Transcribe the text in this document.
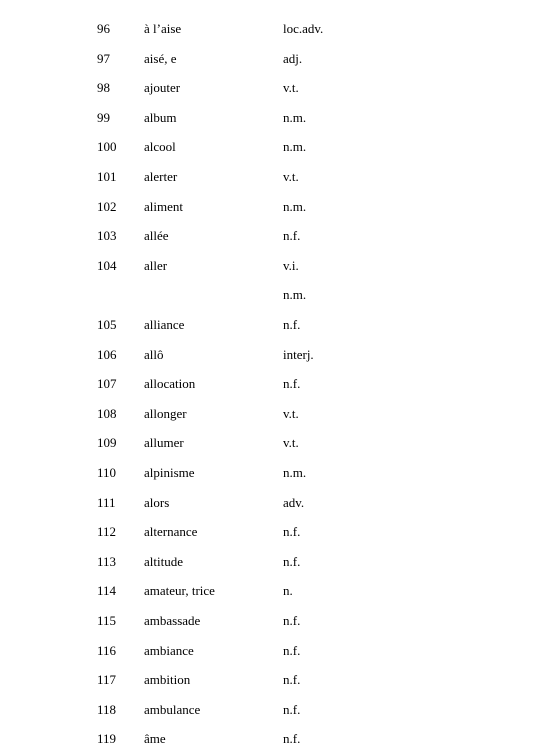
96	à l’aise	loc.adv.
97	aisé, e	adj.
98	ajouter	v.t.
99	album	n.m.
100 alcool	n.m.
101 alerter	v.t.
102 aliment	n.m.
103 allée	n.f.
104 aller	v.i.
n.m.
105 alliance	n.f.
106 allô	interj.
107 allocation	n.f.
108 allonger	v.t.
109 allumer	v.t.
110 alpinisme	n.m.
111 alors	adv.
112 alternance	n.f.
113 altitude	n.f.
114 amateur, trice	n.
115 ambassade	n.f.
116 ambiance	n.f.
117 ambition	n.f.
118 ambulance	n.f.
119 âme	n.f.
